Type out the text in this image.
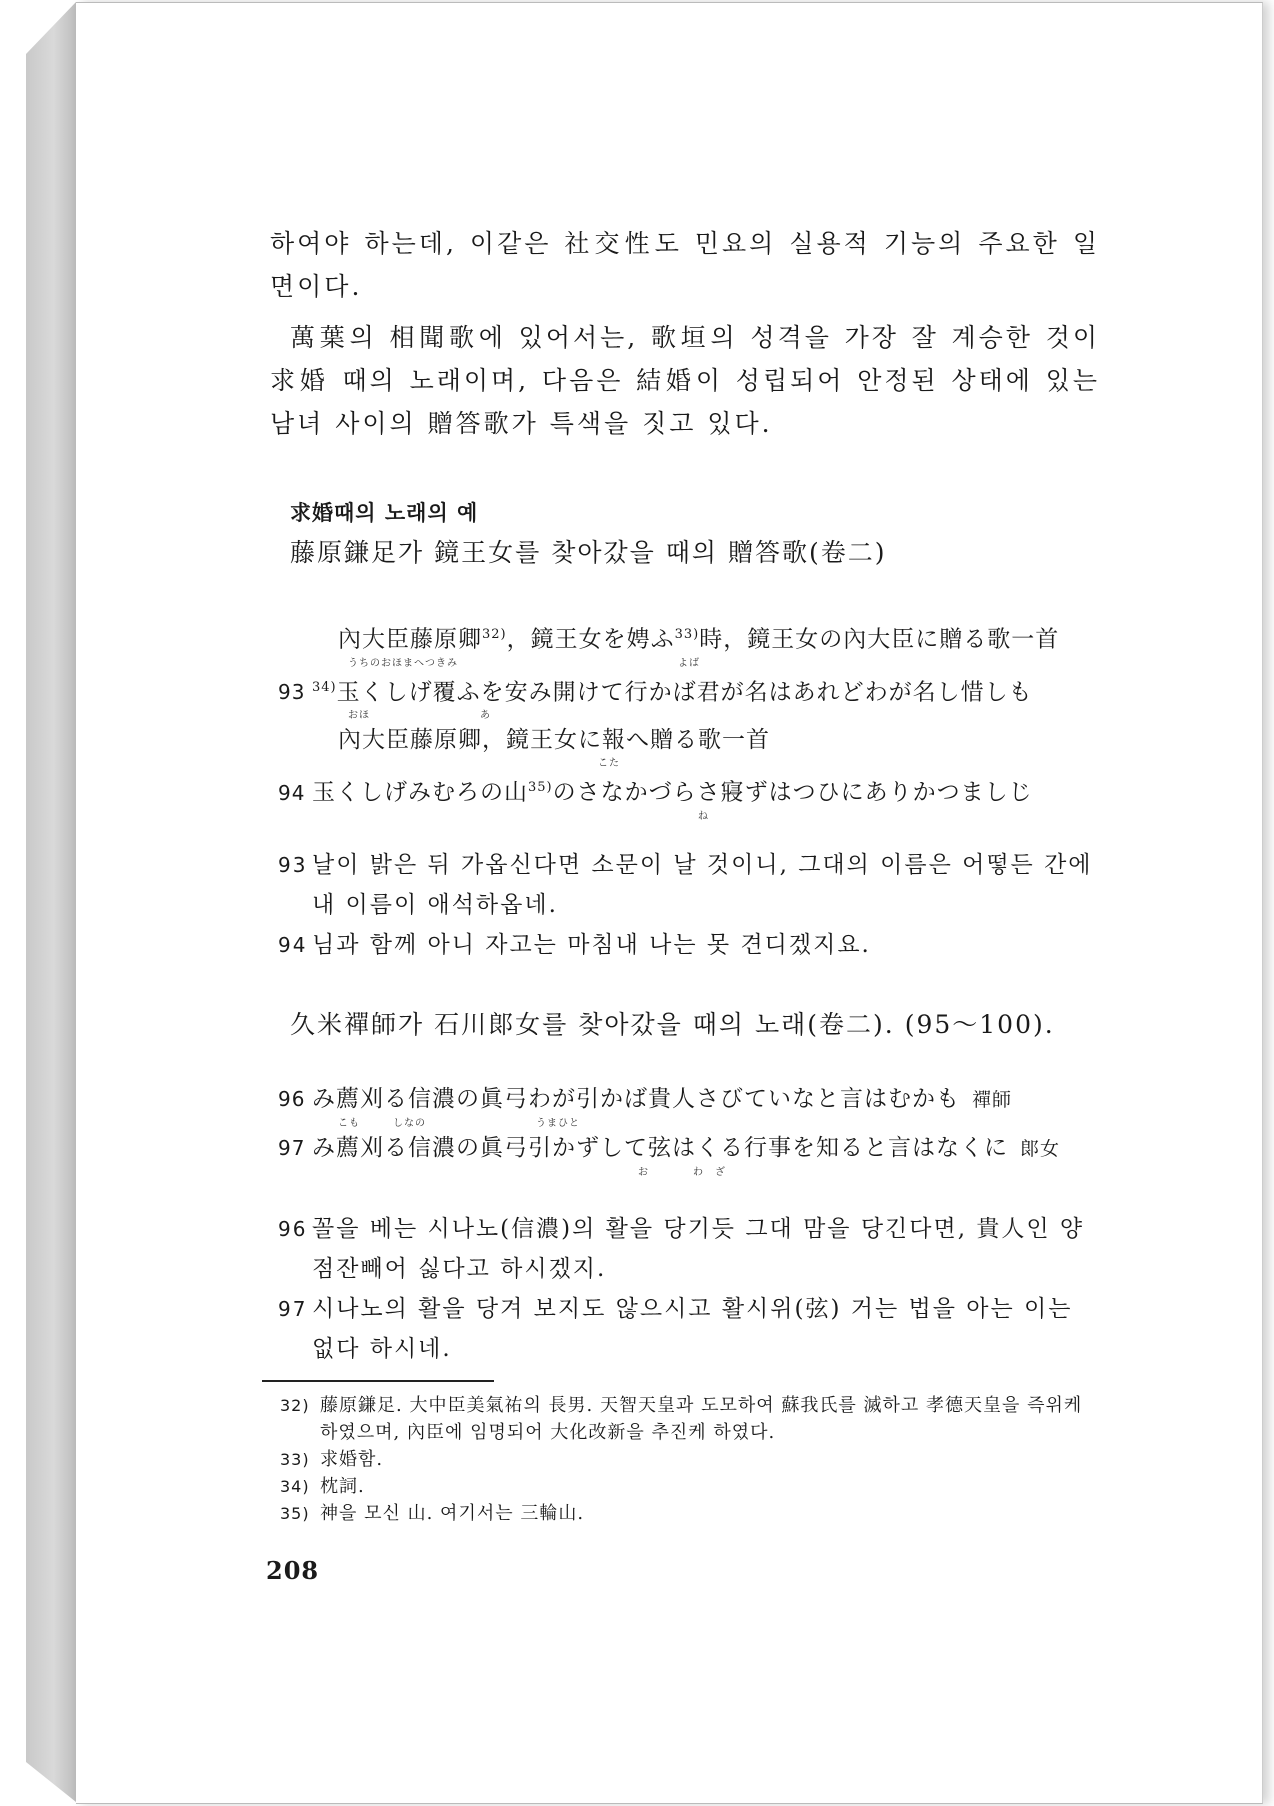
하여야 하는데, 이같은 社交性도 민요의 실용적 기능의 주요한 일면이다.

萬葉의 相聞歌에 있어서는, 歌垣의 성격을 가장 잘 계승한 것이 求婚 때의 노래이며, 다음은 結婚이 성립되어 안정된 상태에 있는 남녀 사이의 贈答歌가 특색을 짓고 있다.

求婚때의 노래의 예
藤原鎌足가 鏡王女를 찾아갔을 때의 贈答歌(卷二)
內大臣藤原卿$^{32)}$，鏡王女を娉ふ$^{33)}$時，鏡王女の內大臣に贈る歌一首
うちのおほまへつきみ　　　　　　　　　　　　　　　　　　　　よば
93 $^{34)}$玉くしげ覆ふを安み開けて行かば君が名はあれどわが名し惜しも
おほ　　　　　　　　　　あ
內大臣藤原卿，鏡王女に報へ贈る歌一首
こた
94 玉くしげみむろの山$^{35)}$のさなかづらさ寢ずはつひにありかつましじ
ね
93 날이 밝은 뒤 가옵신다면 소문이 날 것이니, 그대의 이름은 어떻든 간에 내 이름이 애석하옵네.
94 님과 함께 아니 자고는 마침내 나는 못 견디겠지요.
久米禪師가 石川郞女를 찾아갔을 때의 노래(卷二). (95〜100).
96 み薦刈る信濃の眞弓わが引かば貴人さびていなと言はむかも 禪師
こも　　　しなの　　　　　　　　　　うまひと
97 み薦刈る信濃の眞弓引かずして弦はくる行事を知ると言はなくに 郞女
お　　　　わ　ざ
96 꼴을 베는 시나노(信濃)의 활을 당기듯 그대 맘을 당긴다면, 貴人인 양 점잔빼어 싫다고 하시겠지.
97 시나노의 활을 당겨 보지도 않으시고 활시위(弦) 거는 법을 아는 이는 없다 하시네.
32) 藤原鎌足. 大中臣美氣祐의 長男. 天智天皇과 도모하여 蘇我氏를 滅하고 孝德天皇을 즉위케 하였으며, 內臣에 임명되어 大化改新을 추진케 하였다.
33) 求婚함.
34) 枕詞.
35) 神을 모신 山. 여기서는 三輪山.
208
